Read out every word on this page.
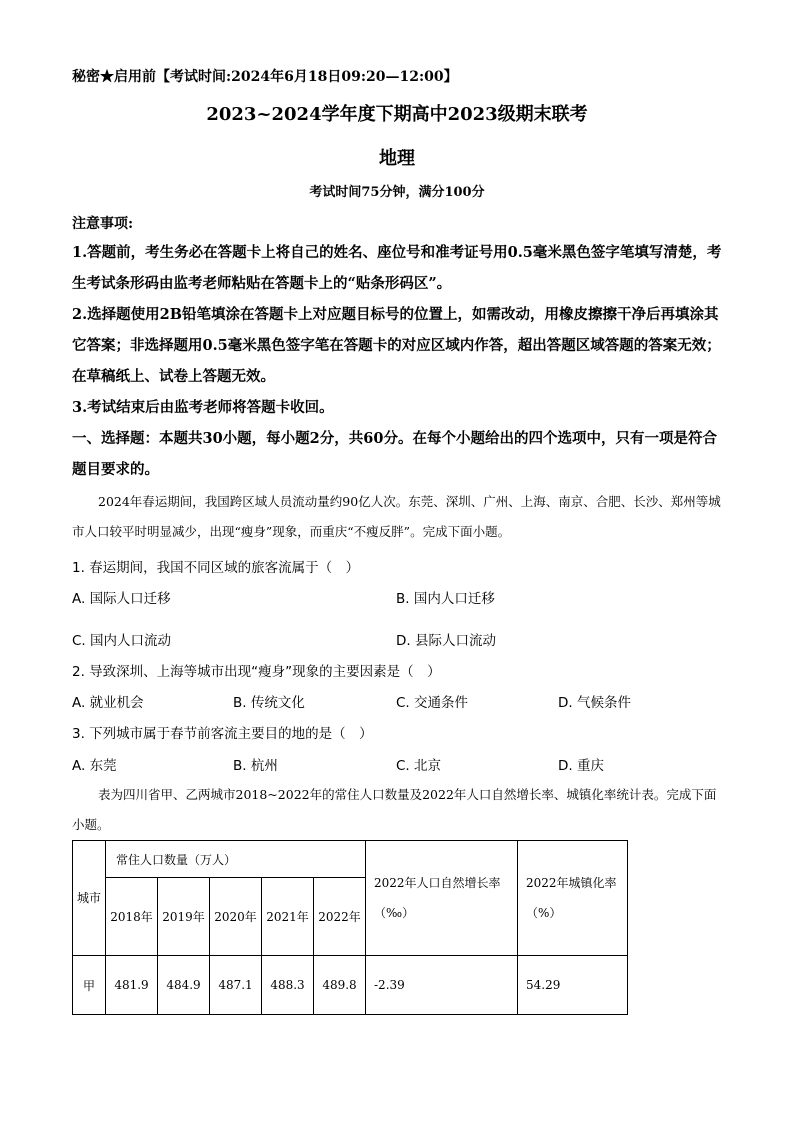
秘密★启用前【考试时间:2024年6月18日09:20—12:00】
2023~2024学年度下期高中2023级期末联考
地理
考试时间75分钟，满分100分
注意事项:
1.答题前，考生务必在答题卡上将自己的姓名、座位号和准考证号用0.5毫米黑色签字笔填写清楚，考生考试条形码由监考老师粘贴在答题卡上的“贴条形码区”。
2.选择题使用2B铅笔填涂在答题卡上对应题目标号的位置上，如需改动，用橡皮擦擦干净后再填涂其它答案；非选择题用0.5毫米黑色签字笔在答题卡的对应区域内作答，超出答题区域答题的答案无效；在草稿纸上、试卷上答题无效。
3.考试结束后由监考老师将答题卡收回。
一、选择题：本题共30小题，每小题2分，共60分。在每个小题给出的四个选项中，只有一项是符合题目要求的。
2024年春运期间，我国跨区域人员流动量约90亿人次。东莞、深圳、广州、上海、南京、合肥、长沙、郑州等城市人口较平时明显减少，出现“瘦身”现象，而重庆“不瘦反胖”。完成下面小题。
1. 春运期间，我国不同区域的旅客流属于（　）
A. 国际人口迁移	B. 国内人口迁移
C. 国内人口流动	D. 县际人口流动
2. 导致深圳、上海等城市出现“瘦身”现象的主要因素是（　）
A. 就业机会	B. 传统文化	C. 交通条件	D. 气候条件
3. 下列城市属于春节前客流主要目的地的是（　）
A. 东莞	B. 杭州	C. 北京	D. 重庆
表为四川省甲、乙两城市2018~2022年的常住人口数量及2022年人口自然增长率、城镇化率统计表。完成下面小题。
城市	常住人口数量（万人）					2022年人口自然增长率（‰）	2022年城镇化率（%）
	2018年	2019年	2020年	2021年	2022年		
甲	481.9	484.9	487.1	488.3	489.8	-2.39	54.29
